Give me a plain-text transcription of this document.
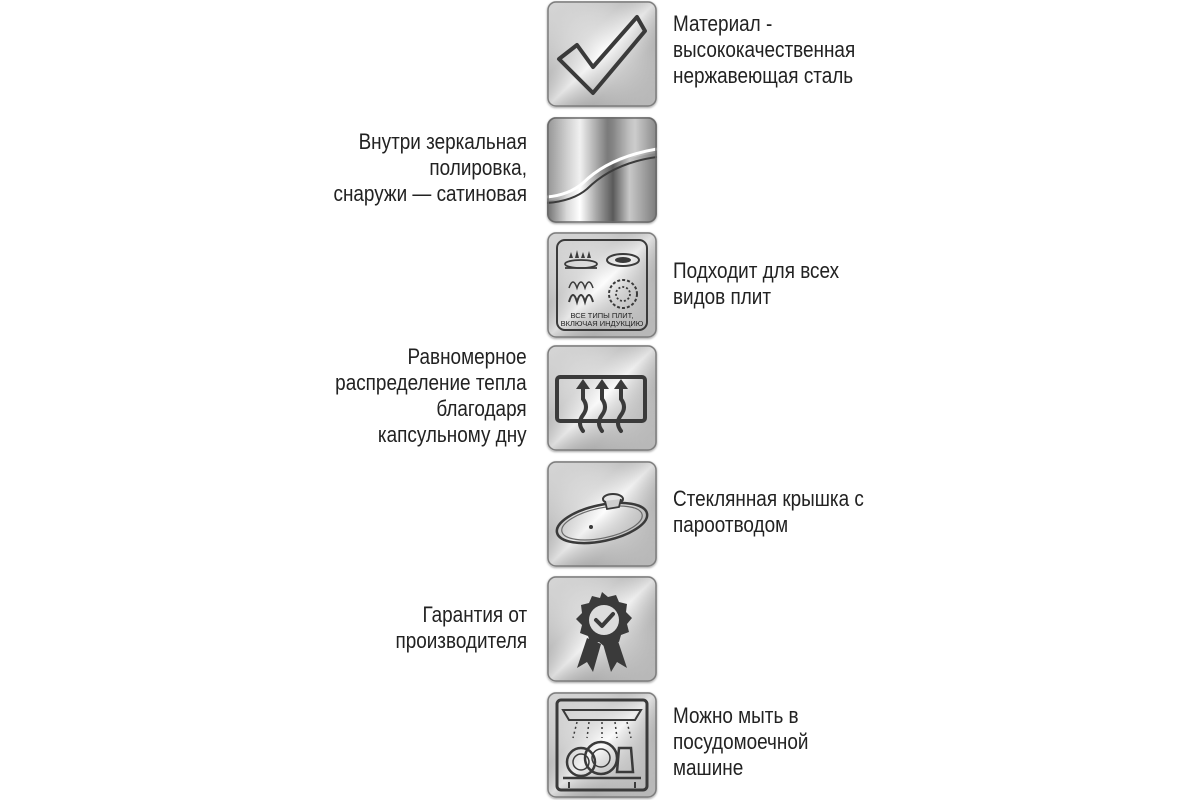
Материал -
высококачественная
нержавеющая сталь
Внутри зеркальная
полировка,
снаружи — сатиновая
ВСЕ ТИПЫ ПЛИТ,
ВКЛЮЧАЯ ИНДУКЦИЮ
Подходит для всех
видов плит
Равномерное
распределение тепла
благодаря
капсульному дну
Стеклянная крышка с
пароотводом
Гарантия от
производителя
Можно мыть в
посудомоечной
машине
